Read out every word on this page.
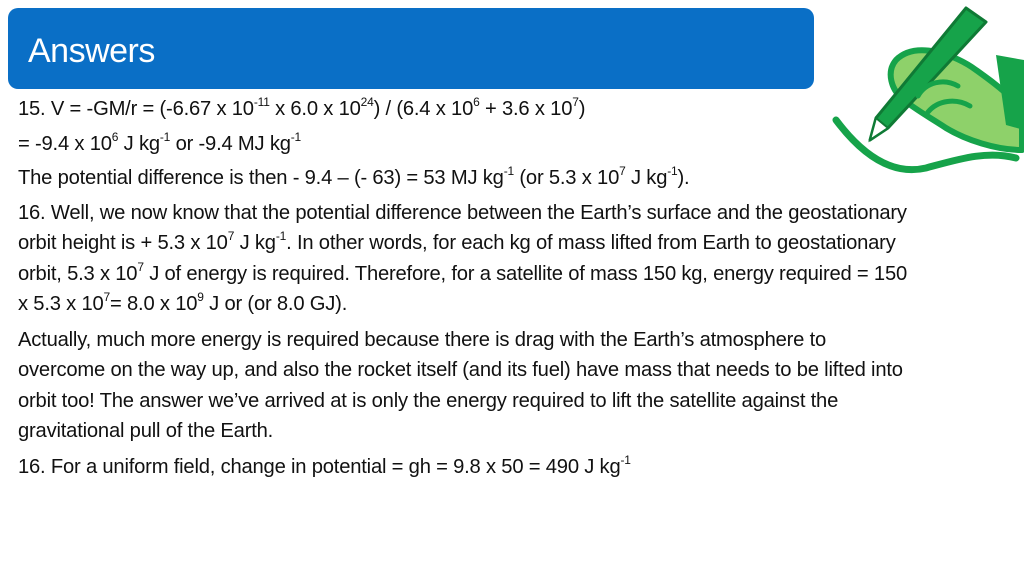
Answers

15. V = -GM/r = (-6.67 x $10^{-11}$ x 6.0 x $10^{24}) / (6.4$ x $10^6 + 3.6$ x $10^7$)

= -9.4 x $10^6$ J $kg^{-1}$ or -9.4 MJ $kg^{-1}$

The potential difference is then - 9.4 – (- 63) = 53 MJ $kg^{-1}$ (or 5.3 x $10^7$ J $kg^{-1}$).

16. Well, we now know that the potential difference between the Earth’s surface and the geostationary orbit height is + 5.3 x $10^7$ J $kg^{-1}$. In other words, for each kg of mass lifted from Earth to geostationary orbit, 5.3 x $10^7$ J of energy is required. Therefore, for a satellite of mass 150 kg, energy required = 150 x 5.3 x $10^7= 8.0$ x $10^9$ J or (or 8.0 GJ).

Actually, much more energy is required because there is drag with the Earth’s atmosphere to overcome on the way up, and also the rocket itself (and its fuel) have mass that needs to be lifted into orbit too! The answer we’ve arrived at is only the energy required to lift the satellite against the gravitational pull of the Earth.

16. For a uniform field, change in potential = gh = 9.8 x 50 = 490 J $kg^{-1}$
